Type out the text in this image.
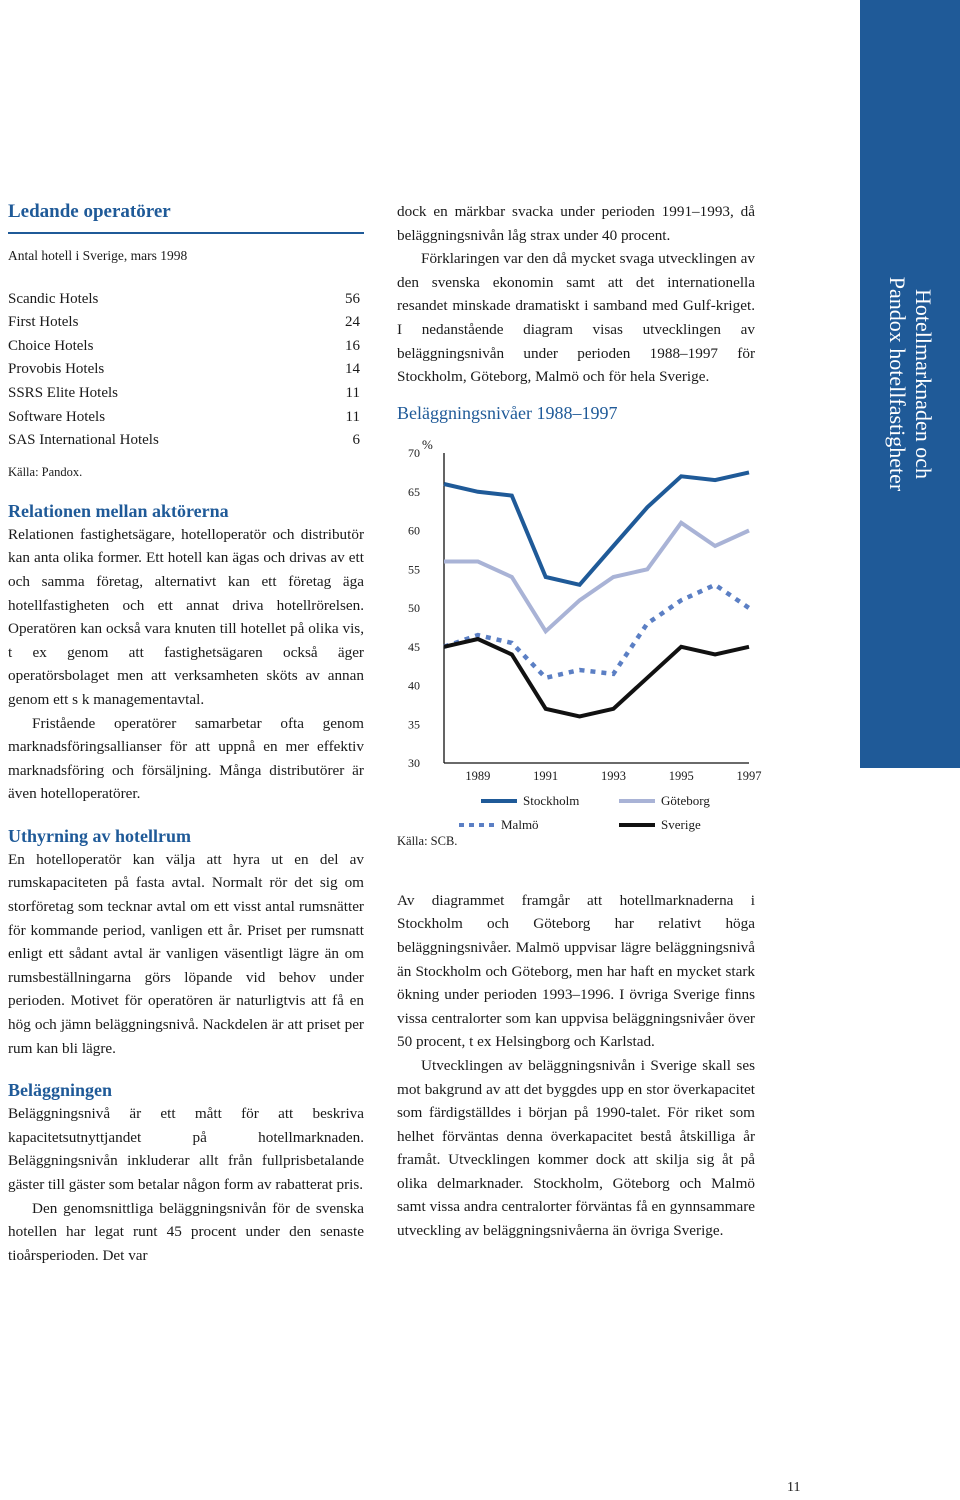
Hotellmarknaden och
Pandox hotellfastigheter
Ledande operatörer
Antal hotell i Sverige, mars 1998
Scandic Hotels	56
First Hotels	24
Choice Hotels	16
Provobis Hotels	14
SSRS Elite Hotels	11
Software Hotels	11
SAS International Hotels	6
Källa: Pandox.
Relationen mellan aktörerna

Relationen fastighetsägare, hotelloperatör och distributör kan anta olika former. Ett hotell kan ägas och drivas av ett och samma företag, alternativt kan ett företag äga hotellfastigheten och ett annat driva hotellrörelsen. Operatören kan också vara knuten till hotellet på olika vis, t ex genom att fastighetsägaren också äger operatörsbolaget men att verksamheten sköts av annan genom ett s k managementavtal.

Fristående operatörer samarbetar ofta genom marknadsföringsallianser för att uppnå en mer effektiv marknadsföring och försäljning. Många distributörer är även hotelloperatörer.

Uthyrning av hotellrum

En hotelloperatör kan välja att hyra ut en del av rumskapaciteten på fasta avtal. Normalt rör det sig om storföretag som tecknar avtal om ett visst antal rumsnätter för kommande period, vanligen ett år. Priset per rumsnatt enligt ett sådant avtal är vanligen väsentligt lägre än om rumsbeställningarna görs löpande vid behov under perioden. Motivet för operatören är naturligtvis att få en hög och jämn beläggningsnivå. Nackdelen är att priset per rum kan bli lägre.

Beläggningen

Beläggningsnivå är ett mått för att beskriva kapacitetsutnyttjandet på hotellmarknaden. Beläggningsnivån inkluderar allt från fullprisbetalande gäster till gäster som betalar någon form av rabatterat pris.

Den genomsnittliga beläggningsnivån för de svenska hotellen har legat runt 45 procent under den senaste tioårsperioden. Det var

dock en märkbar svacka under perioden 1991–1993, då beläggningsnivån låg strax under 40 procent.

Förklaringen var den då mycket svaga utvecklingen av den svenska ekonomin samt att det internationella resandet minskade dramatiskt i samband med Gulf-kriget. I nedanstående diagram visas utvecklingen av beläggningsnivån under perioden 1988–1997 för Stockholm, Göteborg, Malmö och för hela Sverige.

Beläggningsnivåer 1988–1997
30
35
40
45
50
55
60
65
70
%
1989	1991	1993	1995	1997
Stockholm	Göteborg
Malmö	Sverige
Källa: SCB.

Av diagrammet framgår att hotellmarknaderna i Stockholm och Göteborg har relativt höga beläggningsnivåer. Malmö uppvisar lägre beläggningsnivå än Stockholm och Göteborg, men har haft en mycket stark ökning under perioden 1993–1996. I övriga Sverige finns vissa centralorter som kan uppvisa beläggningsnivåer över 50 procent, t ex Helsingborg och Karlstad.

Utvecklingen av beläggningsnivån i Sverige skall ses mot bakgrund av att det byggdes upp en stor överkapacitet som färdigställdes i början på 1990-talet. För riket som helhet förväntas denna överkapacitet bestå åtskilliga år framåt. Utvecklingen kommer dock att skilja sig åt på olika delmarknader. Stockholm, Göteborg och Malmö samt vissa andra centralorter förväntas få en gynnsammare utveckling av beläggningsnivåerna än övriga Sverige.

11
